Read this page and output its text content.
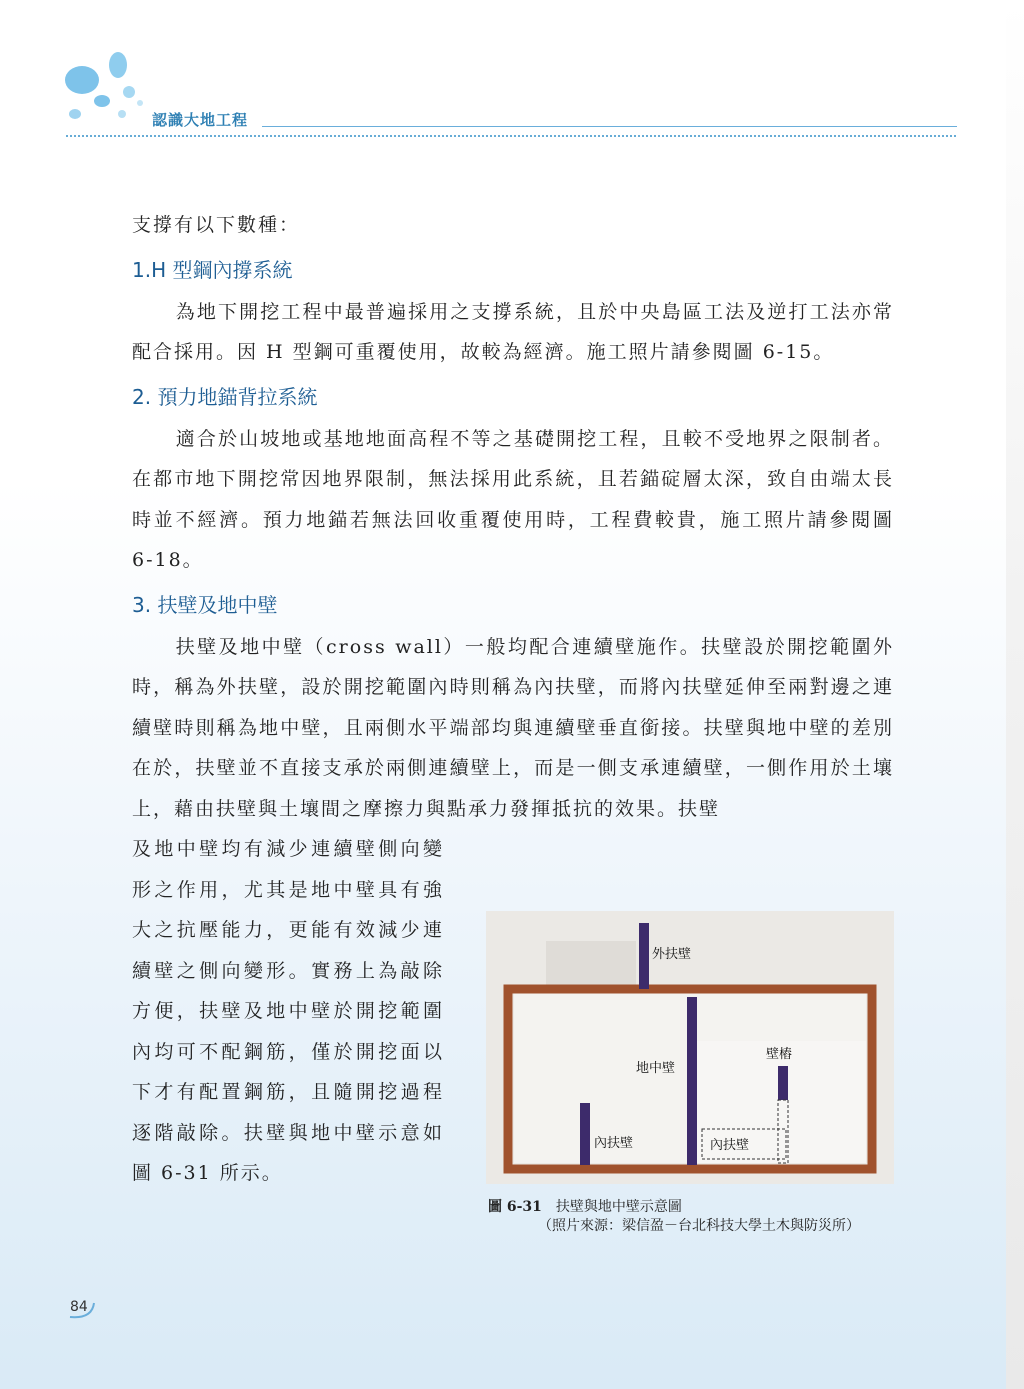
認識大地工程

支撐有以下數種：

1.H 型鋼內撐系統

為地下開挖工程中最普遍採用之支撐系統，且於中央島區工法及逆打工法亦常配合採用。因 H 型鋼可重覆使用，故較為經濟。施工照片請參閱圖 6-15。

2. 預力地錨背拉系統

適合於山坡地或基地地面高程不等之基礎開挖工程，且較不受地界之限制者。在都市地下開挖常因地界限制，無法採用此系統，且若錨碇層太深，致自由端太長時並不經濟。預力地錨若無法回收重覆使用時，工程費較貴，施工照片請參閱圖 6-18。

3. 扶壁及地中壁

扶壁及地中壁（cross wall）一般均配合連續壁施作。扶壁設於開挖範圍外時，稱為外扶壁，設於開挖範圍內時則稱為內扶壁，而將內扶壁延伸至兩對邊之連續壁時則稱為地中壁，且兩側水平端部均與連續壁垂直銜接。扶壁與地中壁的差別在於，扶壁並不直接支承於兩側連續壁上，而是一側支承連續壁，一側作用於土壤上，藉由扶壁與土壤間之摩擦力與點承力發揮抵抗的效果。扶壁

及地中壁均有減少連續壁側向變形之作用，尤其是地中壁具有強大之抗壓能力，更能有效減少連續壁之側向變形。實務上為敲除方便，扶壁及地中壁於開挖範圍內均可不配鋼筋，僅於開挖面以下才有配置鋼筋，且隨開挖過程逐階敲除。扶壁與地中壁示意如圖 6-31 所示。

外扶壁
地中壁
壁樁
內扶壁	內扶壁
圖 6-31 扶壁與地中壁示意圖
（照片來源：梁信盈－台北科技大學土木與防災所）
84
